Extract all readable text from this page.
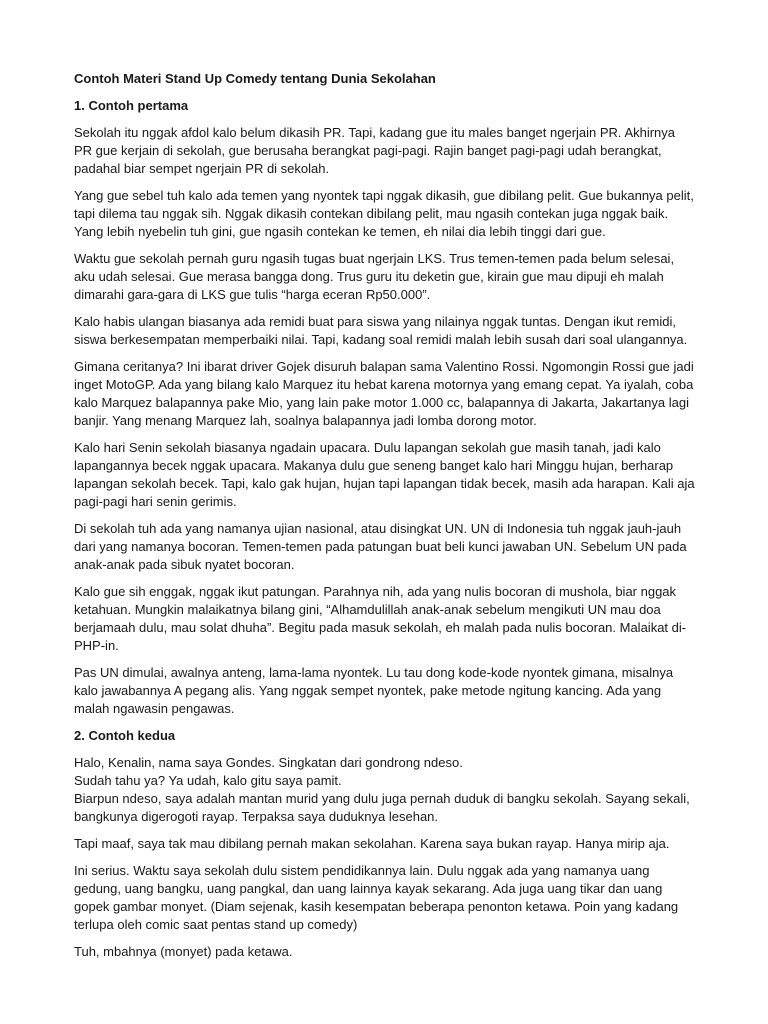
Contoh Materi Stand Up Comedy tentang Dunia Sekolahan
1. Contoh pertama
Sekolah itu nggak afdol kalo belum dikasih PR. Tapi, kadang gue itu males banget ngerjain PR. Akhirnya PR gue kerjain di sekolah, gue berusaha berangkat pagi-pagi. Rajin banget pagi-pagi udah berangkat, padahal biar sempet ngerjain PR di sekolah.
Yang gue sebel tuh kalo ada temen yang nyontek tapi nggak dikasih, gue dibilang pelit. Gue bukannya pelit, tapi dilema tau nggak sih. Nggak dikasih contekan dibilang pelit, mau ngasih contekan juga nggak baik. Yang lebih nyebelin tuh gini, gue ngasih contekan ke temen, eh nilai dia lebih tinggi dari gue.
Waktu gue sekolah pernah guru ngasih tugas buat ngerjain LKS. Trus temen-temen pada belum selesai, aku udah selesai. Gue merasa bangga dong. Trus guru itu deketin gue, kirain gue mau dipuji eh malah dimarahi gara-gara di LKS gue tulis “harga eceran Rp50.000”.
Kalo habis ulangan biasanya ada remidi buat para siswa yang nilainya nggak tuntas. Dengan ikut remidi, siswa berkesempatan memperbaiki nilai. Tapi, kadang soal remidi malah lebih susah dari soal ulangannya.
Gimana ceritanya? Ini ibarat driver Gojek disuruh balapan sama Valentino Rossi. Ngomongin Rossi gue jadi inget MotoGP. Ada yang bilang kalo Marquez itu hebat karena motornya yang emang cepat. Ya iyalah, coba kalo Marquez balapannya pake Mio, yang lain pake motor 1.000 cc, balapannya di Jakarta, Jakartanya lagi banjir. Yang menang Marquez lah, soalnya balapannya jadi lomba dorong motor.
Kalo hari Senin sekolah biasanya ngadain upacara. Dulu lapangan sekolah gue masih tanah, jadi kalo lapangannya becek nggak upacara. Makanya dulu gue seneng banget kalo hari Minggu hujan, berharap lapangan sekolah becek. Tapi, kalo gak hujan, hujan tapi lapangan tidak becek, masih ada harapan. Kali aja pagi-pagi hari senin gerimis.
Di sekolah tuh ada yang namanya ujian nasional, atau disingkat UN. UN di Indonesia tuh nggak jauh-jauh dari yang namanya bocoran. Temen-temen pada patungan buat beli kunci jawaban UN. Sebelum UN pada anak-anak pada sibuk nyatet bocoran.
Kalo gue sih enggak, nggak ikut patungan. Parahnya nih, ada yang nulis bocoran di mushola, biar nggak ketahuan. Mungkin malaikatnya bilang gini, “Alhamdulillah anak-anak sebelum mengikuti UN mau doa berjamaah dulu, mau solat dhuha”. Begitu pada masuk sekolah, eh malah pada nulis bocoran. Malaikat di-PHP-in.
Pas UN dimulai, awalnya anteng, lama-lama nyontek. Lu tau dong kode-kode nyontek gimana, misalnya kalo jawabannya A pegang alis. Yang nggak sempet nyontek, pake metode ngitung kancing. Ada yang malah ngawasin pengawas.
2. Contoh kedua
Halo, Kenalin, nama saya Gondes. Singkatan dari gondrong ndeso.
Sudah tahu ya? Ya udah, kalo gitu saya pamit.
Biarpun ndeso, saya adalah mantan murid yang dulu juga pernah duduk di bangku sekolah. Sayang sekali, bangkunya digerogoti rayap. Terpaksa saya duduknya lesehan.
Tapi maaf, saya tak mau dibilang pernah makan sekolahan. Karena saya bukan rayap. Hanya mirip aja.
Ini serius. Waktu saya sekolah dulu sistem pendidikannya lain. Dulu nggak ada yang namanya uang gedung, uang bangku, uang pangkal, dan uang lainnya kayak sekarang. Ada juga uang tikar dan uang gopek gambar monyet. (Diam sejenak, kasih kesempatan beberapa penonton ketawa. Poin yang kadang terlupa oleh comic saat pentas stand up comedy)
Tuh, mbahnya (monyet) pada ketawa.
